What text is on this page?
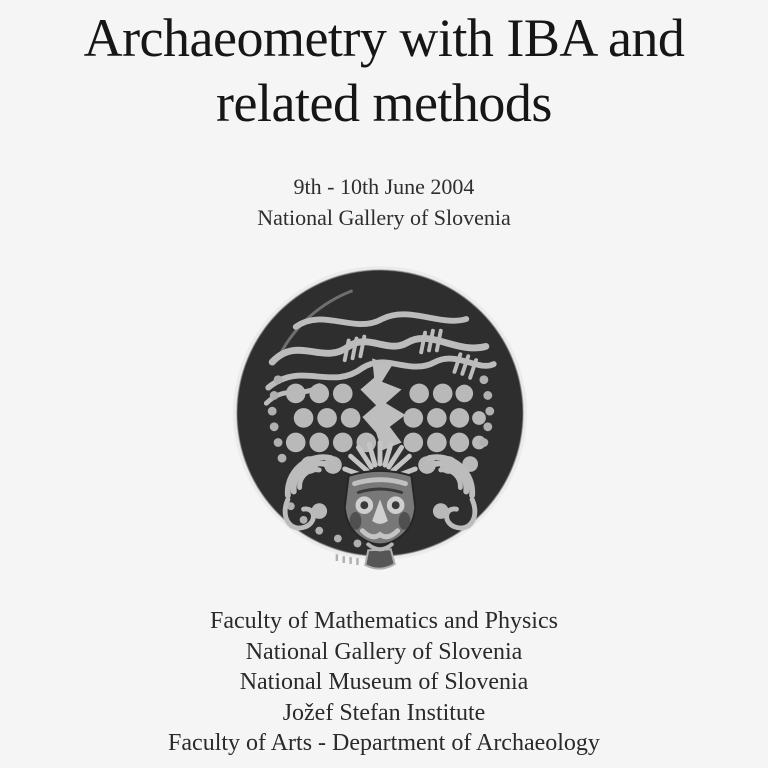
Archaeometry with IBA and
related methods
9th - 10th June 2004
National Gallery of Slovenia
Faculty of Mathematics and Physics
National Gallery of Slovenia
National Museum of Slovenia
Jožef Stefan Institute
Faculty of Arts - Department of Archaeology
